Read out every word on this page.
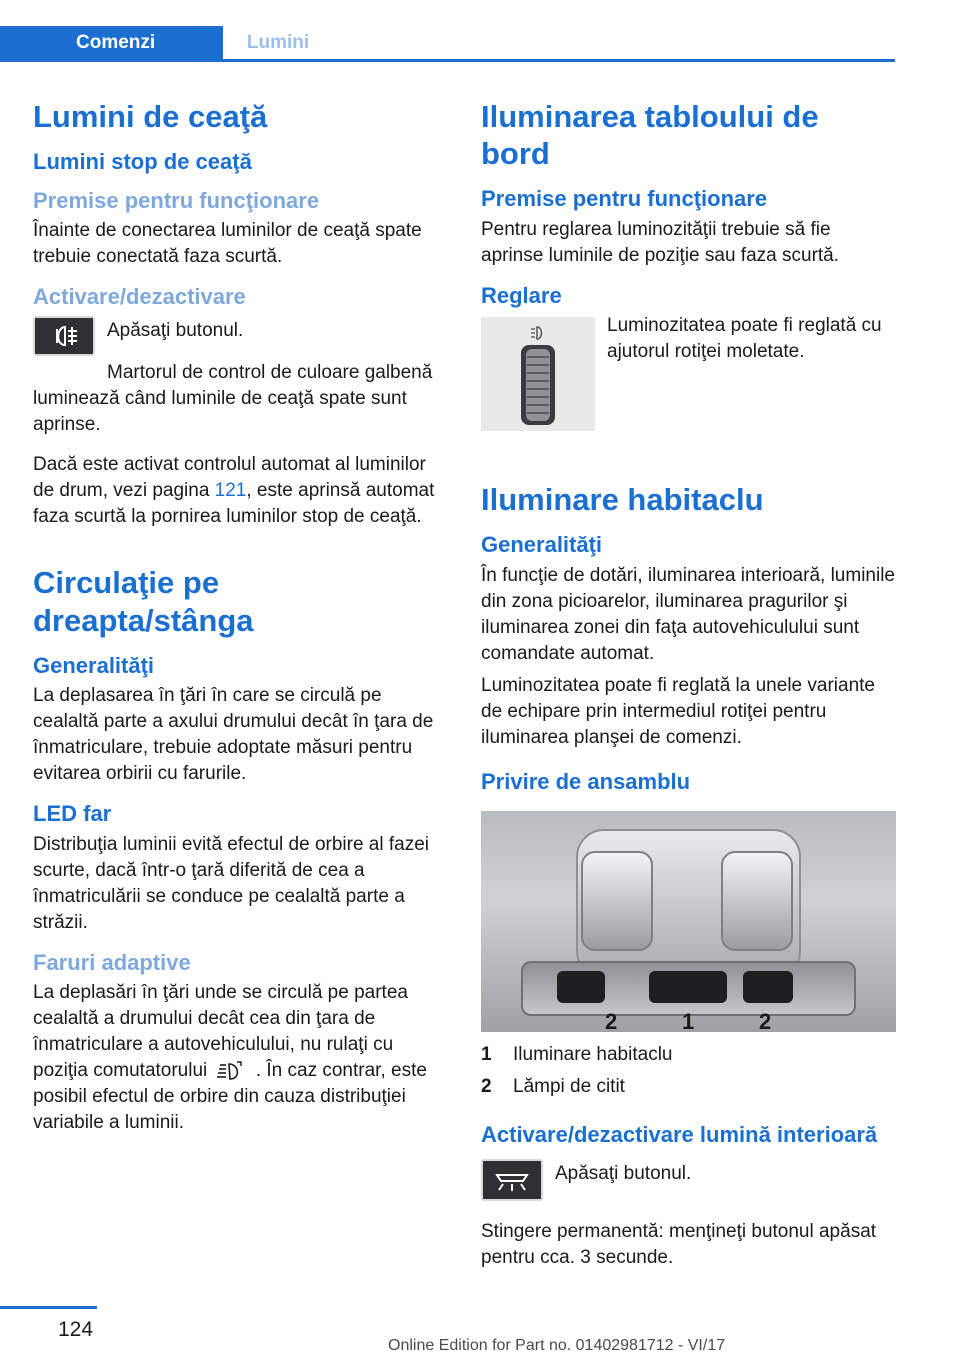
Comenzi	Lumini
Lumini de ceaţă
Lumini stop de ceaţă
Premise pentru funcţionare

Înainte de conectarea luminilor de ceaţă spate trebuie conectată faza scurtă.

Activare/dezactivare

Apăsaţi butonul.

Martorul de control de culoare galbenă luminează când luminile de ceaţă spate sunt aprinse.

Dacă este activat controlul automat al luminilor de drum, vezi pagina 121, este aprinsă automat faza scurtă la pornirea luminilor stop de ceaţă.

Circulaţie pe dreapta/stânga
Generalităţi

La deplasarea în ţări în care se circulă pe cealaltă parte a axului drumului decât în ţara de înmatriculare, trebuie adoptate măsuri pentru evitarea orbirii cu farurile.

LED far

Distribuţia luminii evită efectul de orbire al fazei scurte, dacă într-o ţară diferită de cea a înmatriculării se conduce pe cealaltă parte a străzii.

Faruri adaptive

La deplasări în ţări unde se circulă pe partea cealaltă a drumului decât cea din ţara de înmatriculare a autovehiculului, nu rulaţi cu poziţia comutatorului	. În caz contrar, este posibil efectul de orbire din cauza distribuţiei variabile a luminii.

Iluminarea tabloului de bord
Premise pentru funcţionare

Pentru reglarea luminozităţii trebuie să fie aprinse luminile de poziţie sau faza scurtă.

Reglare

Luminozitatea poate fi reglată cu ajutorul rotiţei moletate.

Iluminare habitaclu
Generalităţi

În funcţie de dotări, iluminarea interioară, luminile din zona picioarelor, iluminarea pragurilor şi iluminarea zonei din faţa autovehiculului sunt comandate automat.

Luminozitatea poate fi reglată la unele variante de echipare prin intermediul rotiţei pentru iluminarea planşei de comenzi.

Privire de ansamblu
2	1	2
1	Iluminare habitaclu
2	Lămpi de citit
Activare/dezactivare lumină interioară

Apăsaţi butonul.

Stingere permanentă: menţineţi butonul apăsat pentru cca. 3 secunde.

124
Online Edition for Part no. 01402981712 - VI/17
